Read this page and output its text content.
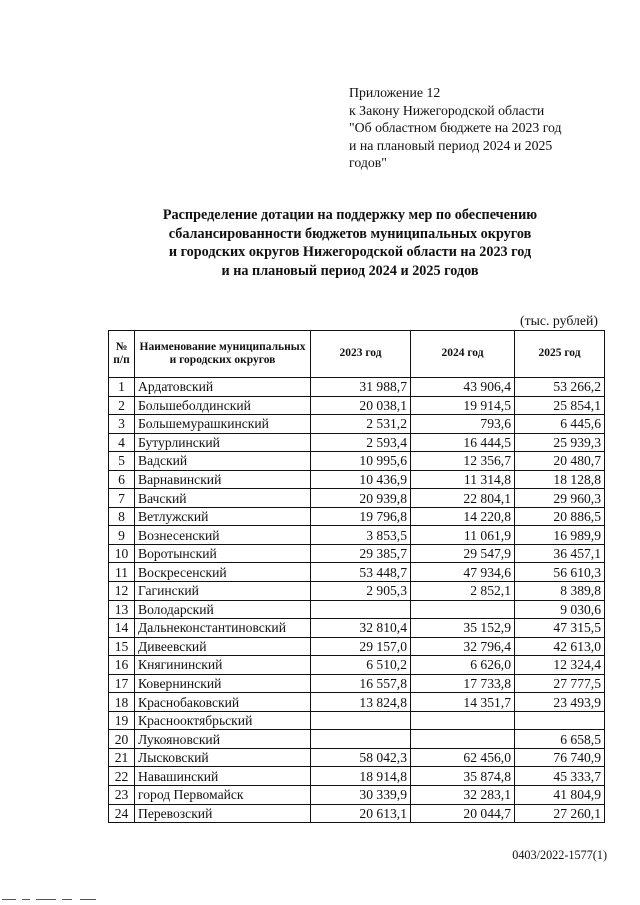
Приложение 12
к Закону Нижегородской области
"Об областном бюджете на 2023 год
и на плановый период 2024 и 2025
годов"
Распределение дотации на поддержку мер по обеспечению
сбалансированности бюджетов муниципальных округов
и городских округов Нижегородской области на 2023 год
и на плановый период 2024 и 2025 годов
(тыс. рублей)
№ п/п	Наименование муниципальных и городских округов	2023 год	2024 год	2025 год
1	Ардатовский	31 988,7	43 906,4	53 266,2
2	Большеболдинский	20 038,1	19 914,5	25 854,1
3	Большемурашкинский	2 531,2	793,6	6 445,6
4	Бутурлинский	2 593,4	16 444,5	25 939,3
5	Вадский	10 995,6	12 356,7	20 480,7
6	Варнавинский	10 436,9	11 314,8	18 128,8
7	Вачский	20 939,8	22 804,1	29 960,3
8	Ветлужский	19 796,8	14 220,8	20 886,5
9	Вознесенский	3 853,5	11 061,9	16 989,9
10	Воротынский	29 385,7	29 547,9	36 457,1
11	Воскресенский	53 448,7	47 934,6	56 610,3
12	Гагинский	2 905,3	2 852,1	8 389,8
13	Володарский			9 030,6
14	Дальнеконстантиновский	32 810,4	35 152,9	47 315,5
15	Дивеевский	29 157,0	32 796,4	42 613,0
16	Княгининский	6 510,2	6 626,0	12 324,4
17	Ковернинский	16 557,8	17 733,8	27 777,5
18	Краснобаковский	13 824,8	14 351,7	23 493,9
19	Краснооктябрьский			
20	Лукояновский			6 658,5
21	Лысковский	58 042,3	62 456,0	76 740,9
22	Навашинский	18 914,8	35 874,8	45 333,7
23	город Первомайск	30 339,9	32 283,1	41 804,9
24	Перевозский	20 613,1	20 044,7	27 260,1
0403/2022-1577(1)
